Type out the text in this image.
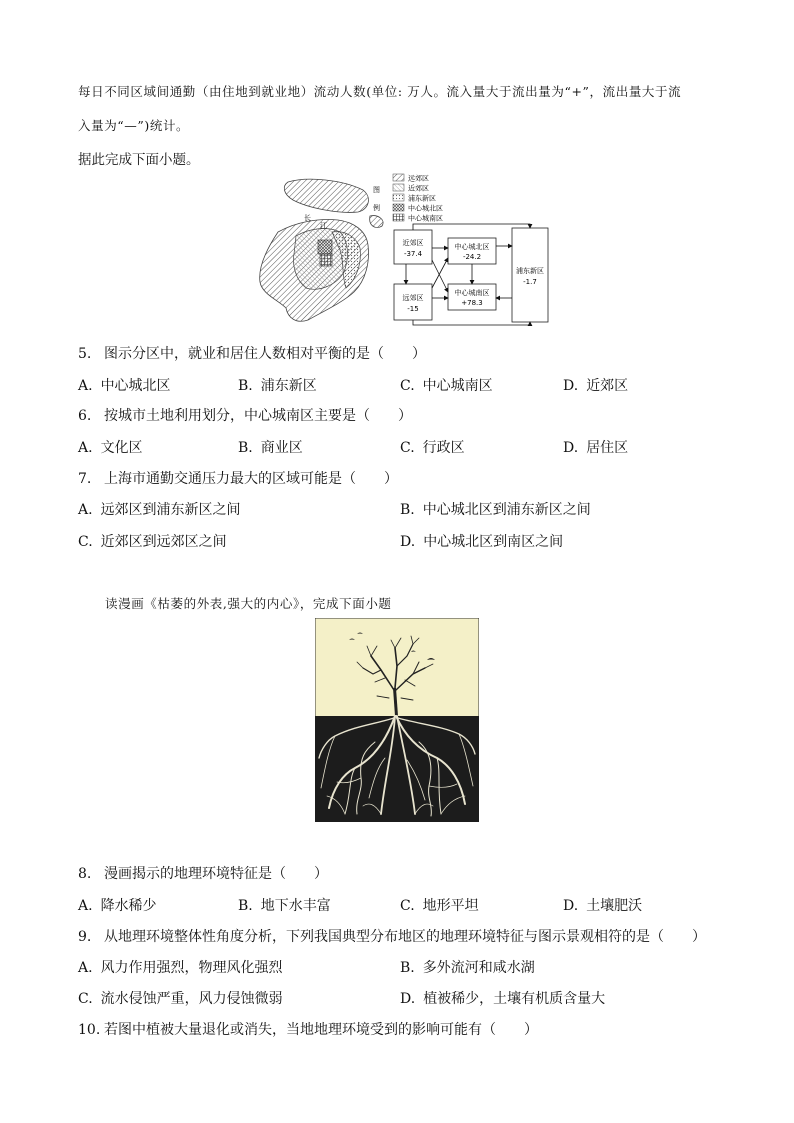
每日不同区域间通勤（由住地到就业地）流动人数(单位: 万人。流入量大于流出量为“+”，流出量大于流
入量为“—”)统计。
据此完成下面小题。
长
江
图
例
远郊区
近郊区
浦东新区
中心城北区
中心城南区
近郊区
-37.4
远郊区
-15
中心城北区
-24.2
中心城南区
+78.3
浦东新区
-1.7
5. 图示分区中，就业和居住人数相对平衡的是（　　）
A. 中心城北区	B. 浦东新区	C. 中心城南区	D. 近郊区
6. 按城市土地利用划分，中心城南区主要是（　　）
A. 文化区	B. 商业区	C. 行政区	D. 居住区
7. 上海市通勤交通压力最大的区域可能是（　　）
A. 远郊区到浦东新区之间	B. 中心城北区到浦东新区之间
C. 近郊区到远郊区之间	D. 中心城北区到南区之间
读漫画《枯萎的外表,强大的内心》，完成下面小题
8. 漫画揭示的地理环境特征是（　　）
A. 降水稀少	B. 地下水丰富	C. 地形平坦	D. 土壤肥沃
9. 从地理环境整体性角度分析，下列我国典型分布地区的地理环境特征与图示景观相符的是（　　）
A. 风力作用强烈，物理风化强烈	B. 多外流河和咸水湖
C. 流水侵蚀严重，风力侵蚀微弱	D. 植被稀少，土壤有机质含量大
10. 若图中植被大量退化或消失，当地地理环境受到的影响可能有（　　）
